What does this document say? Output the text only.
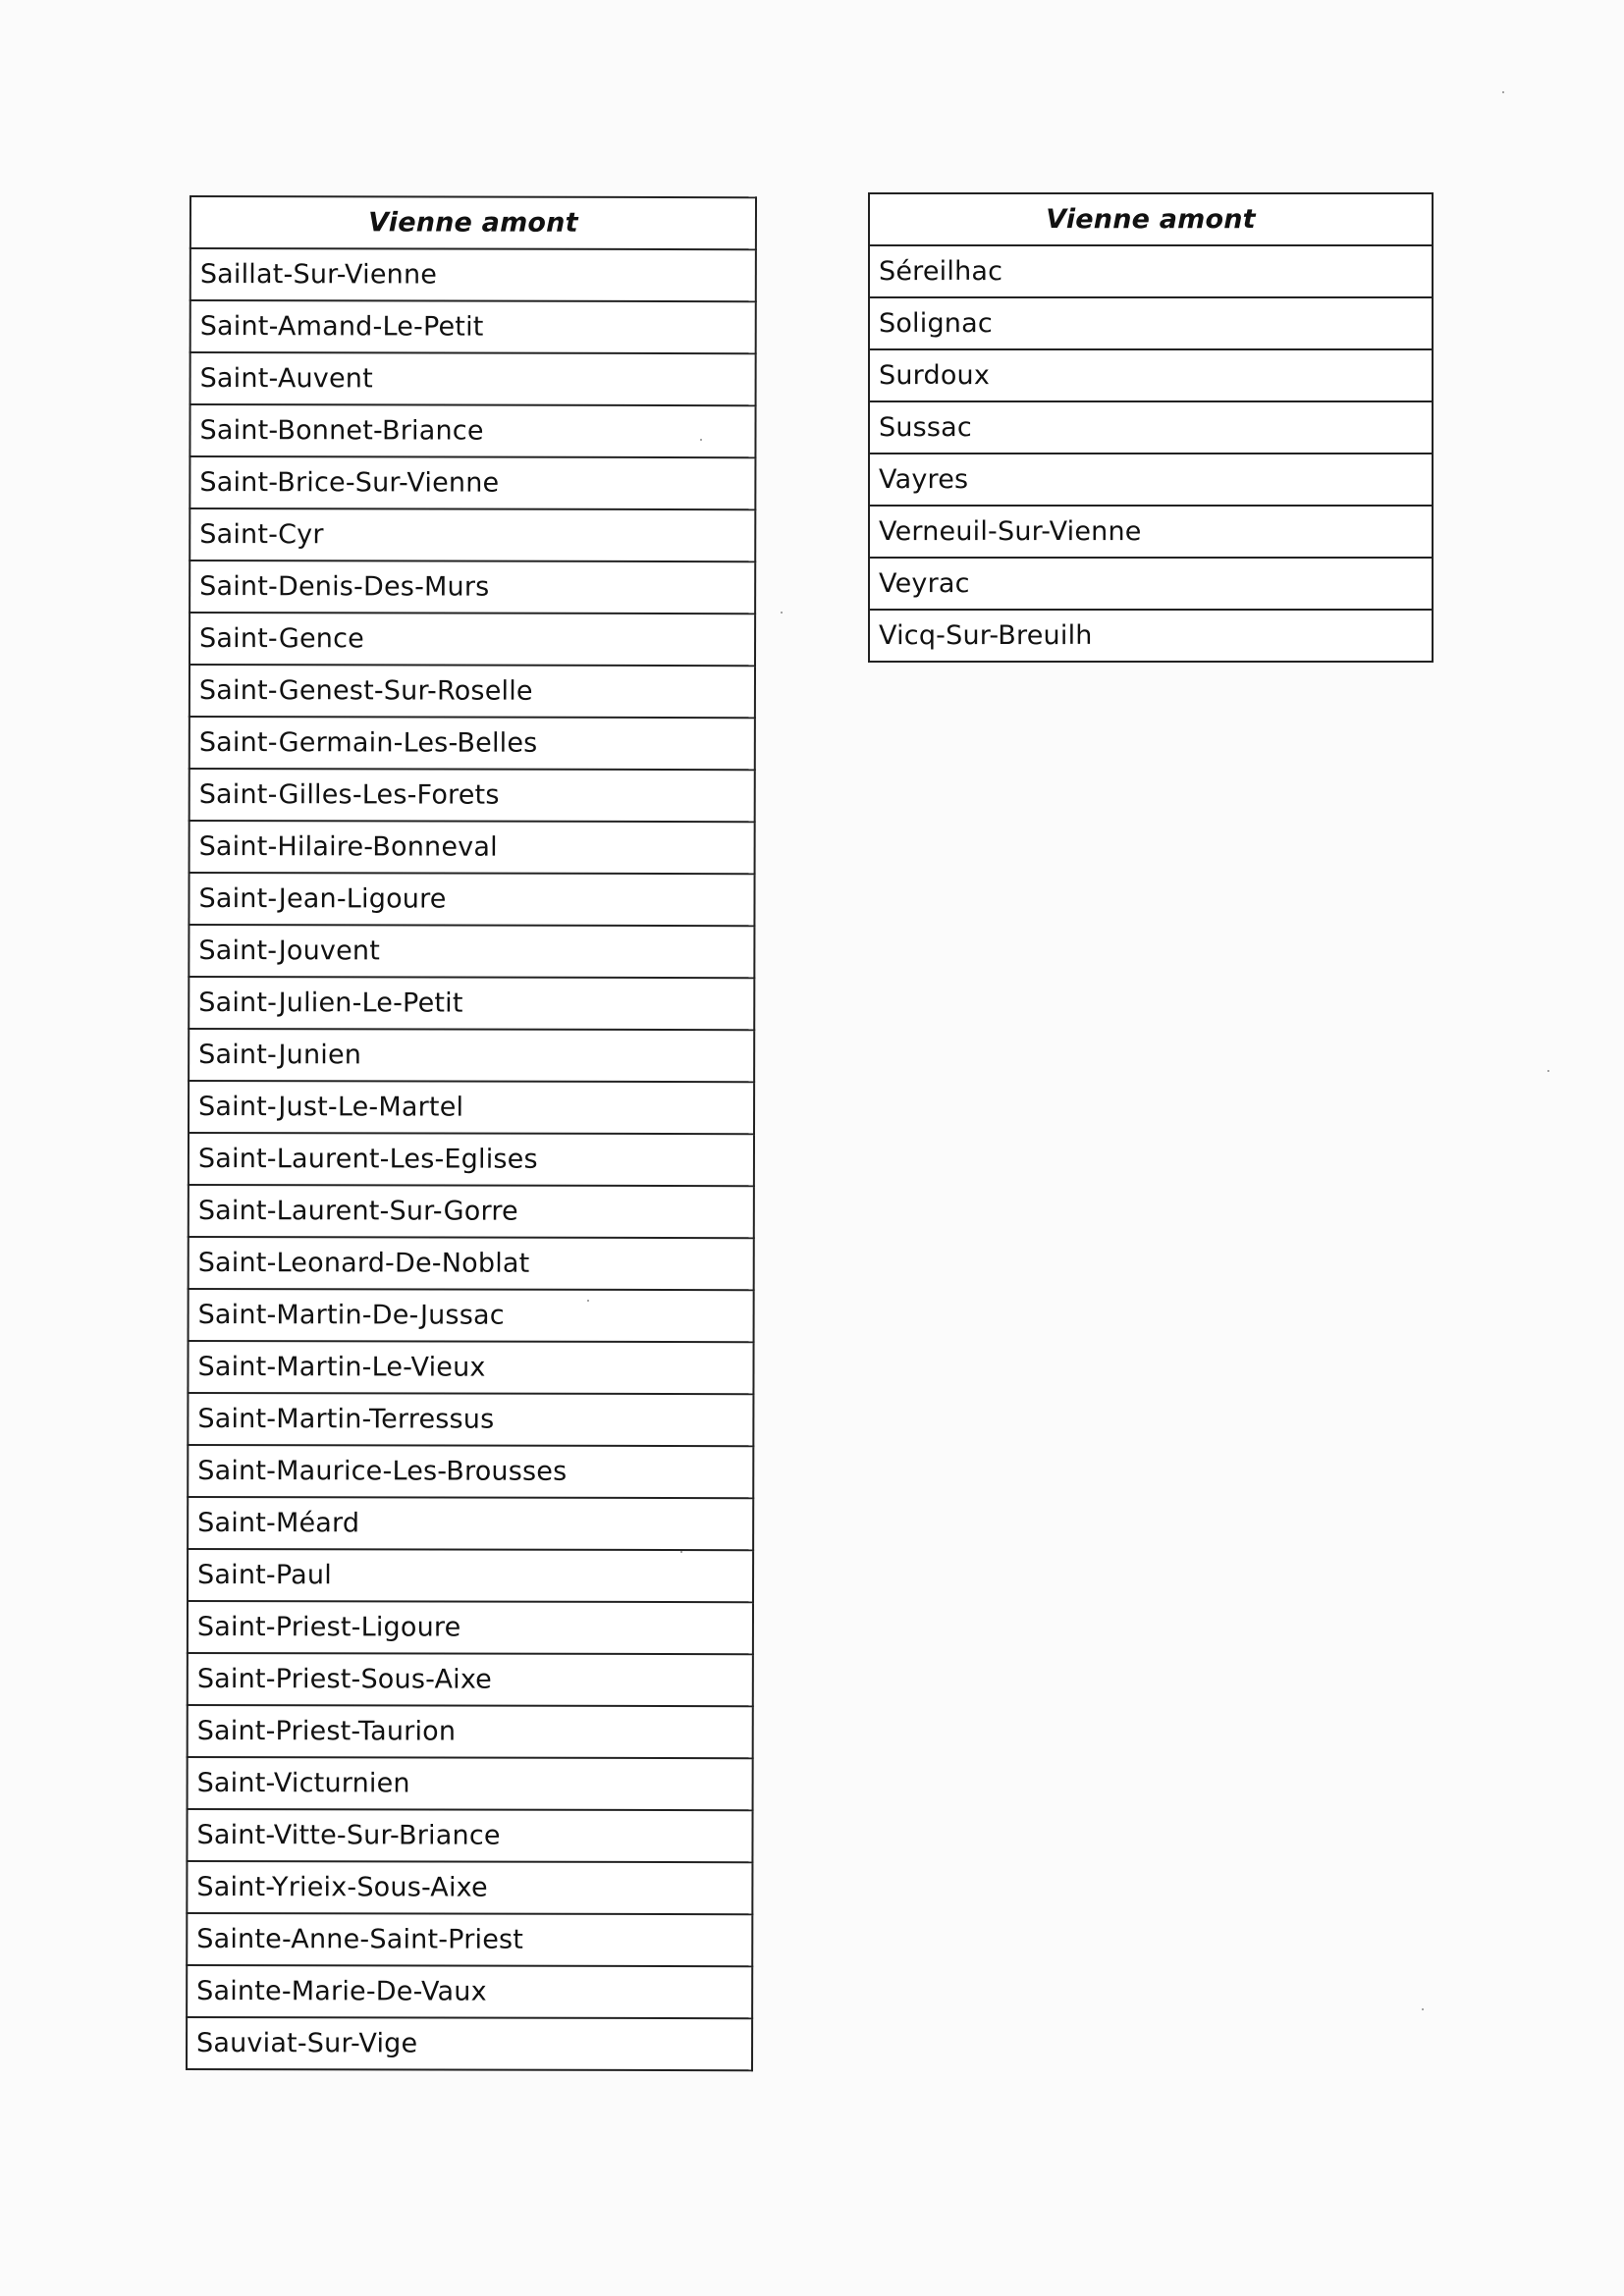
Vienne amont
Saillat-Sur-Vienne
Saint-Amand-Le-Petit
Saint-Auvent
Saint-Bonnet-Briance
Saint-Brice-Sur-Vienne
Saint-Cyr
Saint-Denis-Des-Murs
Saint-Gence
Saint-Genest-Sur-Roselle
Saint-Germain-Les-Belles
Saint-Gilles-Les-Forets
Saint-Hilaire-Bonneval
Saint-Jean-Ligoure
Saint-Jouvent
Saint-Julien-Le-Petit
Saint-Junien
Saint-Just-Le-Martel
Saint-Laurent-Les-Eglises
Saint-Laurent-Sur-Gorre
Saint-Leonard-De-Noblat
Saint-Martin-De-Jussac
Saint-Martin-Le-Vieux
Saint-Martin-Terressus
Saint-Maurice-Les-Brousses
Saint-Méard
Saint-Paul
Saint-Priest-Ligoure
Saint-Priest-Sous-Aixe
Saint-Priest-Taurion
Saint-Victurnien
Saint-Vitte-Sur-Briance
Saint-Yrieix-Sous-Aixe
Sainte-Anne-Saint-Priest
Sainte-Marie-De-Vaux
Sauviat-Sur-Vige
Vienne amont
Séreilhac
Solignac
Surdoux
Sussac
Vayres
Verneuil-Sur-Vienne
Veyrac
Vicq-Sur-Breuilh
